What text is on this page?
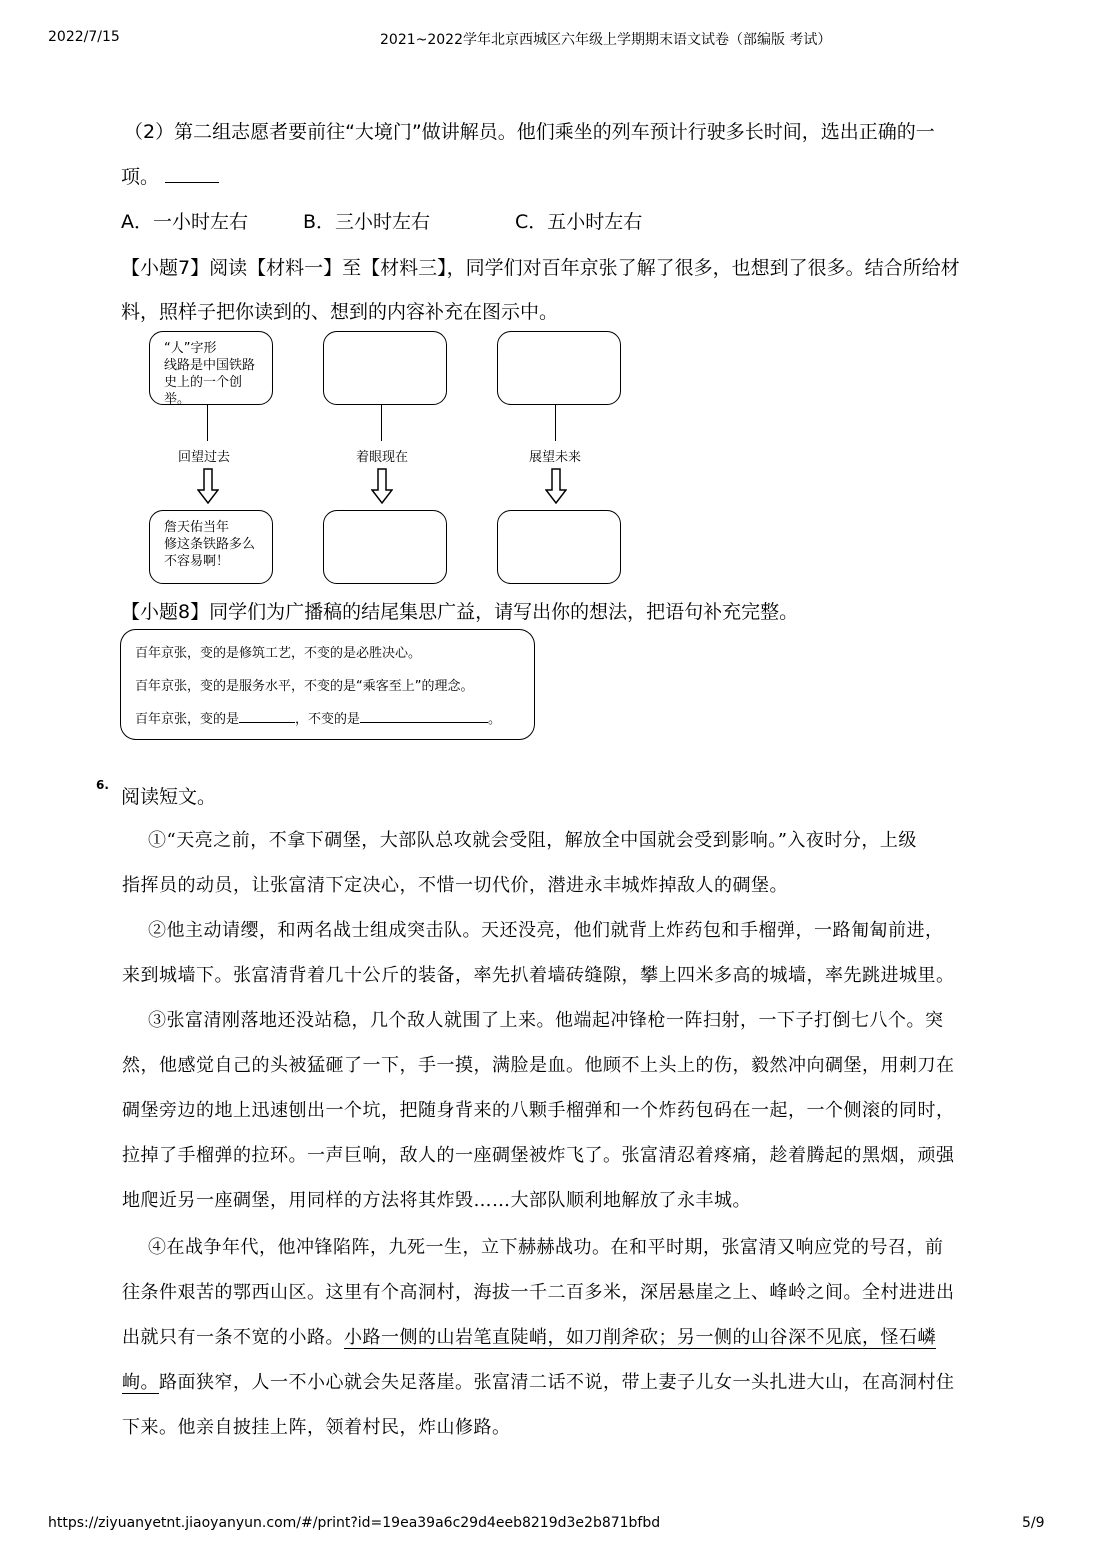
2022/7/15	2021~2022学年北京西城区六年级上学期期末语文试卷（部编版 考试）
（2）第二组志愿者要前往“大境门”做讲解员。他们乘坐的列车预计行驶多长时间，选出正确的一
项。
A．一小时左右	B．三小时左右	C．五小时左右
【小题7】阅读【材料一】至【材料三】，同学们对百年京张了解了很多，也想到了很多。结合所给材
料，照样子把你读到的、想到的内容补充在图示中。
“人”字形
线路是中国铁路
史上的一个创举。
回望过去	着眼现在	展望未来
詹天佑当年
修这条铁路多么
不容易啊！
【小题8】同学们为广播稿的结尾集思广益，请写出你的想法，把语句补充完整。
百年京张，变的是修筑工艺，不变的是必胜决心。
百年京张，变的是服务水平，不变的是“乘客至上”的理念。
百年京张，变的是	，不变的是	。
6.
阅读短文。
①“天亮之前，不拿下碉堡，大部队总攻就会受阻，解放全中国就会受到影响。”入夜时分，上级
指挥员的动员，让张富清下定决心，不惜一切代价，潜进永丰城炸掉敌人的碉堡。
②他主动请缨，和两名战士组成突击队。天还没亮，他们就背上炸药包和手榴弹，一路匍匐前进，
来到城墙下。张富清背着几十公斤的装备，率先扒着墙砖缝隙，攀上四米多高的城墙，率先跳进城里。
③张富清刚落地还没站稳，几个敌人就围了上来。他端起冲锋枪一阵扫射，一下子打倒七八个。突
然，他感觉自己的头被猛砸了一下，手一摸，满脸是血。他顾不上头上的伤，毅然冲向碉堡，用刺刀在
碉堡旁边的地上迅速刨出一个坑，把随身背来的八颗手榴弹和一个炸药包码在一起，一个侧滚的同时，
拉掉了手榴弹的拉环。一声巨响，敌人的一座碉堡被炸飞了。张富清忍着疼痛，趁着腾起的黑烟，顽强
地爬近另一座碉堡，用同样的方法将其炸毁……大部队顺利地解放了永丰城。
④在战争年代，他冲锋陷阵，九死一生，立下赫赫战功。在和平时期，张富清又响应党的号召，前
往条件艰苦的鄂西山区。这里有个高洞村，海拔一千二百多米，深居悬崖之上、峰岭之间。全村进进出
出就只有一条不宽的小路。小路一侧的山岩笔直陡峭，如刀削斧砍；另一侧的山谷深不见底，怪石嶙
峋。路面狭窄，人一不小心就会失足落崖。张富清二话不说，带上妻子儿女一头扎进大山，在高洞村住
下来。他亲自披挂上阵，领着村民，炸山修路。
https://ziyuanyetnt.jiaoyanyun.com/#/print?id=19ea39a6c29d4eeb8219d3e2b871bfbd	5/9
